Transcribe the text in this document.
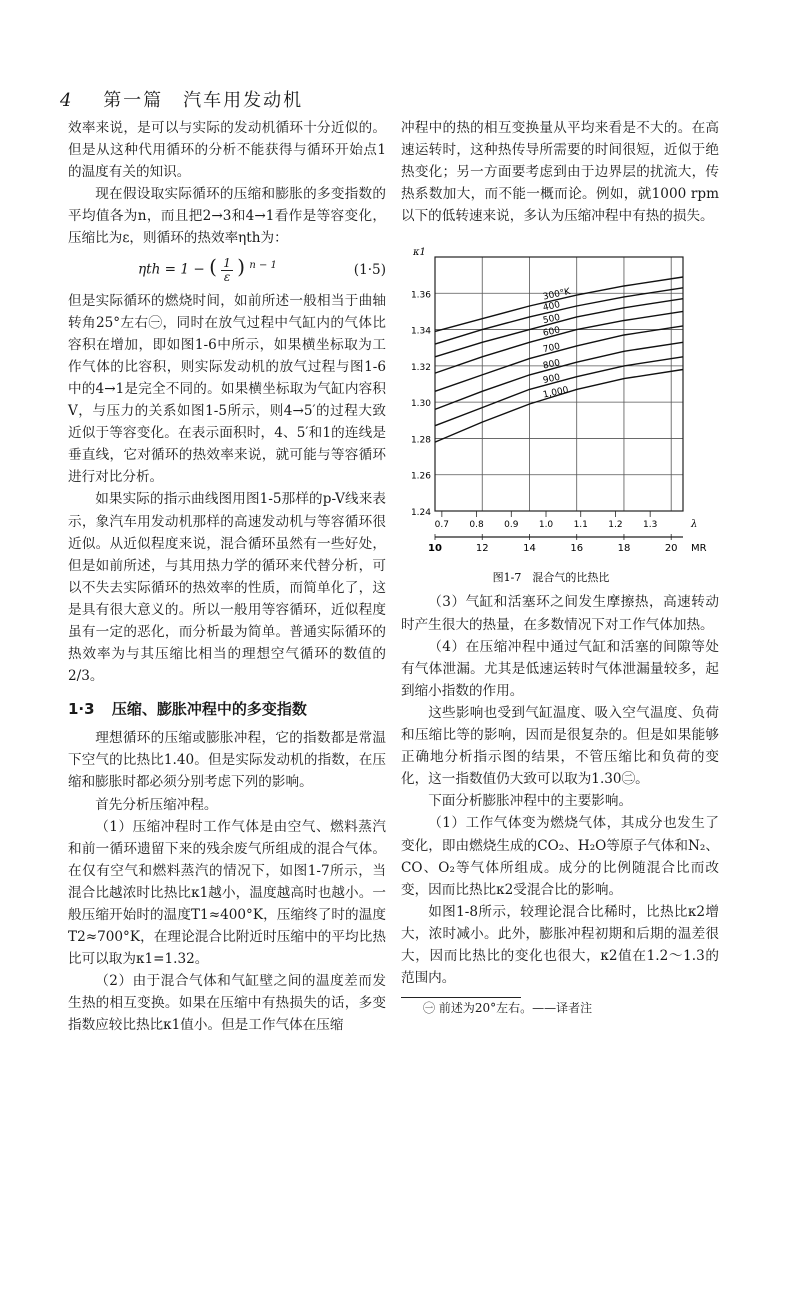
4 第一篇　汽车用发动机

效率来说，是可以与实际的发动机循环十分近似的。但是从这种代用循环的分析不能获得与循环开始点1的温度有关的知识。

现在假设取实际循环的压缩和膨胀的多变指数的平均值各为n，而且把2→3和4→1看作是等容变化，压缩比为ε，则循环的热效率ηth为：

ηth = 1 − ( $\frac{1}{\varepsilon}$ ) $^{n - 1}$	(1·5)

但是实际循环的燃烧时间，如前所述一般相当于曲轴转角25°左右㊀，同时在放气过程中气缸内的气体比容积在增加，即如图1-6中所示，如果横坐标取为工作气体的比容积，则实际发动机的放气过程与图1-6中的4→1是完全不同的。如果横坐标取为气缸内容积V，与压力的关系如图1-5所示，则4→5′的过程大致近似于等容变化。在表示面积时，4、5′和1的连线是垂直线，它对循环的热效率来说，就可能与等容循环进行对比分析。

如果实际的指示曲线图用图1-5那样的p-V线来表示，象汽车用发动机那样的高速发动机与等容循环很近似。从近似程度来说，混合循环虽然有一些好处，但是如前所述，与其用热力学的循环来代替分析，可以不失去实际循环的热效率的性质，而简单化了，这是具有很大意义的。所以一般用等容循环，近似程度虽有一定的恶化，而分析最为简单。普通实际循环的热效率为与其压缩比相当的理想空气循环的数值的2/3。

1·3 压缩、膨胀冲程中的多变指数

理想循环的压缩或膨胀冲程，它的指数都是常温下空气的比热比1.40。但是实际发动机的指数，在压缩和膨胀时都必须分别考虑下列的影响。

首先分析压缩冲程。

（1）压缩冲程时工作气体是由空气、燃料蒸汽和前一循环遗留下来的残余废气所组成的混合气体。在仅有空气和燃料蒸汽的情况下，如图1-7所示，当混合比越浓时比热比κ1越小，温度越高时也越小。一般压缩开始时的温度T1≈400°K，压缩终了时的温度T2≈700°K，在理论混合比附近时压缩中的平均比热比可以取为κ1=1.32。

（2）由于混合气体和气缸壁之间的温度差而发生热的相互变换。如果在压缩中有热损失的话，多变指数应较比热比κ1值小。但是工作气体在压缩

冲程中的热的相互变换量从平均来看是不大的。在高速运转时，这种热传导所需要的时间很短，近似于绝热变化；另一方面要考虑到由于边界层的扰流大，传热系数加大，而不能一概而论。例如，就1000 rpm以下的低转速来说，多认为压缩冲程中有热的损失。

1.24
1.26
1.28
1.30
1.32
1.34
1.36
κ1
0.7 0.8 0.9 1.0 1.1 1.2 1.3	λ
10	12	14	16	18	20 MR
300°K
400
500
600
700
800
900
1,000
图1-7　混合气的比热比

（3）气缸和活塞环之间发生摩擦热，高速转动时产生很大的热量，在多数情况下对工作气体加热。

（4）在压缩冲程中通过气缸和活塞的间隙等处有气体泄漏。尤其是低速运转时气体泄漏量较多，起到缩小指数的作用。

这些影响也受到气缸温度、吸入空气温度、负荷和压缩比等的影响，因而是很复杂的。但是如果能够正确地分析指示图的结果，不管压缩比和负荷的变化，这一指数值仍大致可以取为1.30㊁。

下面分析膨胀冲程中的主要影响。

（1）工作气体变为燃烧气体，其成分也发生了变化，即由燃烧生成的CO₂、H₂O等原子气体和N₂、CO、O₂等气体所组成。成分的比例随混合比而改变，因而比热比κ2受混合比的影响。

如图1-8所示，较理论混合比稀时，比热比κ2增大，浓时减小。此外，膨胀冲程初期和后期的温差很大，因而比热比的变化也很大，κ2值在1.2～1.3的范围内。

㊀ 前述为20°左右。——译者注
